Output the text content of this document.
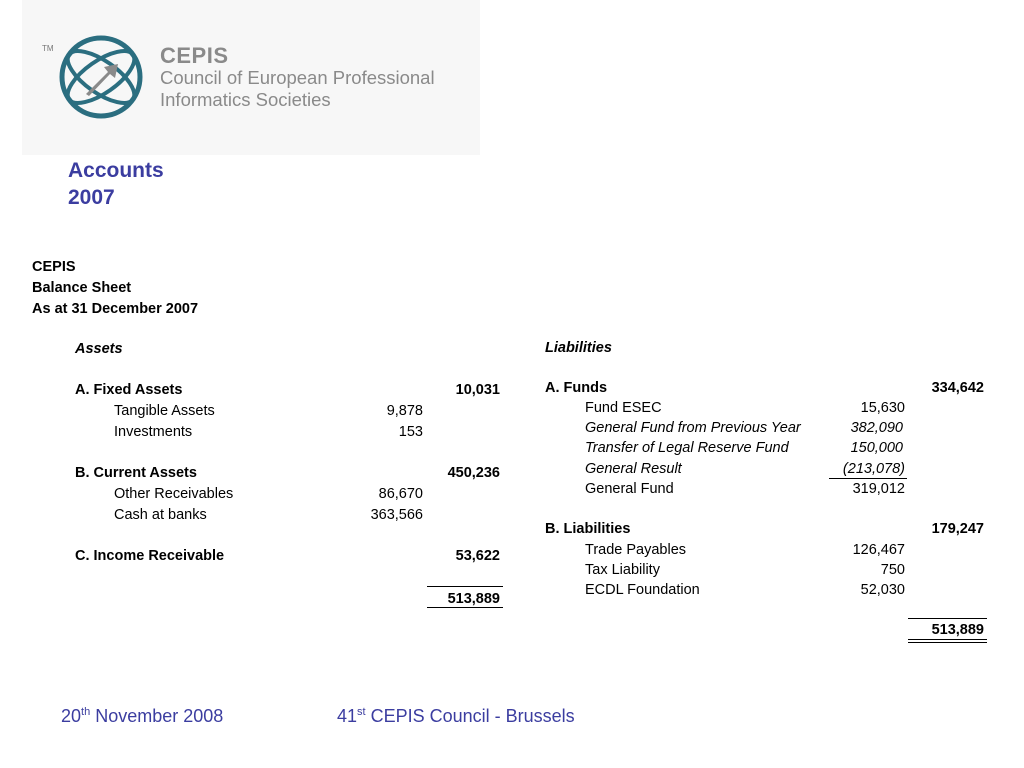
TM	CEPIS
Council of European Professional
Informatics Societies
Accounts
2007
CEPIS
Balance Sheet
As at 31 December 2007
Assets
A. Fixed Assets	10,031
Tangible Assets	9,878
Investments	153
B. Current Assets	450,236
Other Receivables	86,670
Cash at banks	363,566
C. Income Receivable	53,622
513,889
Liabilities
A. Funds	334,642
Fund ESEC	15,630
General Fund from Previous Year	382,090
Transfer of Legal Reserve Fund	150,000
General Result	(213,078)
General Fund	319,012
B. Liabilities	179,247
Trade Payables	126,467
Tax Liability	750
ECDL Foundation	52,030
513,889
20th November 2008	41st CEPIS Council - Brussels
